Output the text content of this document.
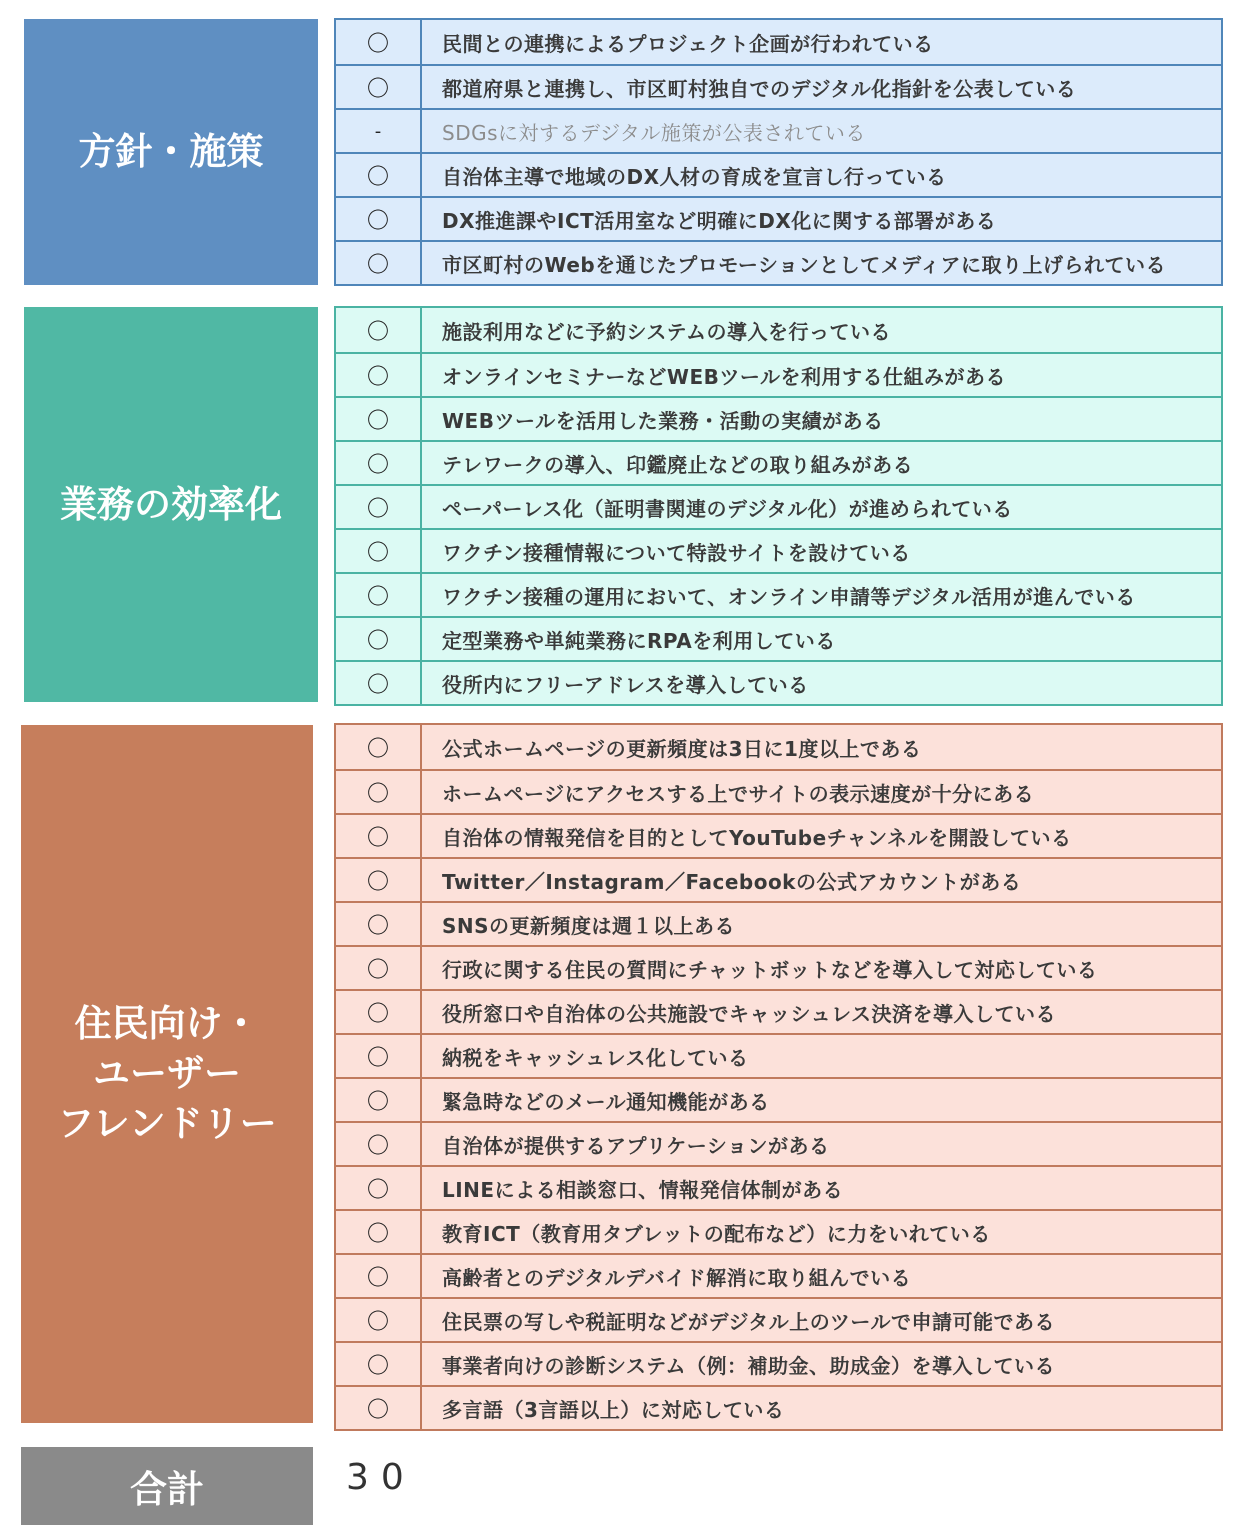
方針・施策
〇	民間との連携によるプロジェクト企画が行われている
〇	都道府県と連携し、市区町村独自でのデジタル化指針を公表している
-	SDGsに対するデジタル施策が公表されている
〇	自治体主導で地域のDX人材の育成を宣言し行っている
〇	DX推進課やICT活用室など明確にDX化に関する部署がある
〇	市区町村のWebを通じたプロモーションとしてメディアに取り上げられている
業務の効率化
〇	施設利用などに予約システムの導入を行っている
〇	オンラインセミナーなどWEBツールを利用する仕組みがある
〇	WEBツールを活用した業務・活動の実績がある
〇	テレワークの導入、印鑑廃止などの取り組みがある
〇	ペーパーレス化（証明書関連のデジタル化）が進められている
〇	ワクチン接種情報について特設サイトを設けている
〇	ワクチン接種の運用において、オンライン申請等デジタル活用が進んでいる
〇	定型業務や単純業務にRPAを利用している
〇	役所内にフリーアドレスを導入している
住民向け・
ユーザー
フレンドリー
〇	公式ホームページの更新頻度は3日に1度以上である
〇	ホームページにアクセスする上でサイトの表示速度が十分にある
〇	自治体の情報発信を目的としてYouTubeチャンネルを開設している
〇	Twitter／Instagram／Facebookの公式アカウントがある
〇	SNSの更新頻度は週１以上ある
〇	行政に関する住民の質問にチャットボットなどを導入して対応している
〇	役所窓口や自治体の公共施設でキャッシュレス決済を導入している
〇	納税をキャッシュレス化している
〇	緊急時などのメール通知機能がある
〇	自治体が提供するアプリケーションがある
〇	LINEによる相談窓口、情報発信体制がある
〇	教育ICT（教育用タブレットの配布など）に力をいれている
〇	高齢者とのデジタルデバイド解消に取り組んでいる
〇	住民票の写しや税証明などがデジタル上のツールで申請可能である
〇	事業者向けの診断システム（例：補助金、助成金）を導入している
〇	多言語（3言語以上）に対応している
合計	30
